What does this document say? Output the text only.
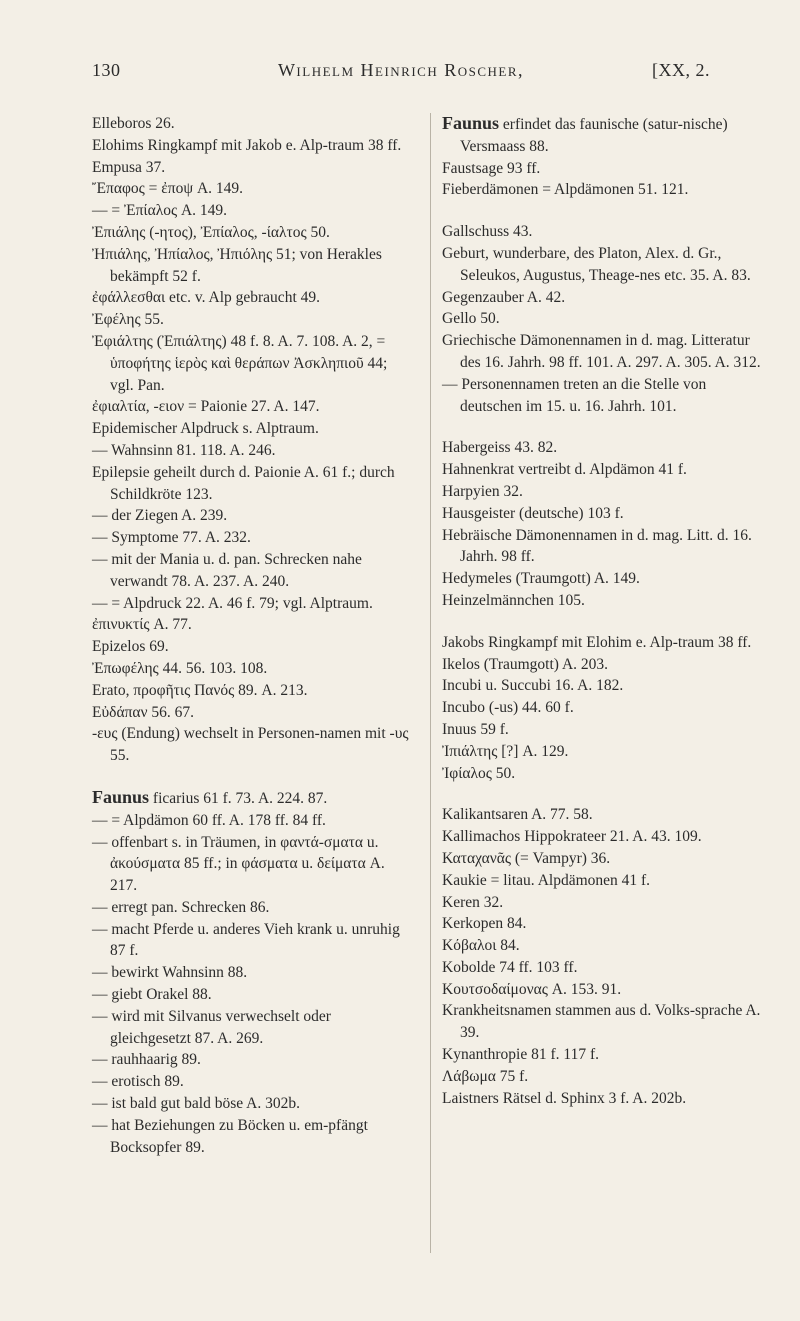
130	Wilhelm Heinrich Roscher,	[XX, 2.
Elleboros 26.
Elohims Ringkampf mit Jakob e. Alp-traum 38 ff.
Empusa 37.
Ἔπαφος = ἐποψ A. 149.
— = Ἐπίαλος A. 149.
Ἐπιάλης (-ητος), Ἐπίαλος, -ίαλτος 50.
Ἠπιάλης, Ἠπίαλος, Ἠπιόλης 51; von Herakles bekämpft 52 f.
ἐφάλλεσθαι etc. v. Alp gebraucht 49.
Ἐφέλης 55.
Ἐφιάλτης (Ἐπιάλτης) 48 f. 8. A. 7. 108. A. 2, = ὑποφήτης ἱερὸς καὶ θεράπων Ἀσκληπιοῦ 44; vgl. Pan.
ἐφιαλτία, -ειον = Paionie 27. A. 147.
Epidemischer Alpdruck s. Alptraum.
— Wahnsinn 81. 118. A. 246.
Epilepsie geheilt durch d. Paionie A. 61 f.; durch Schildkröte 123.
— der Ziegen A. 239.
— Symptome 77. A. 232.
— mit der Mania u. d. pan. Schrecken nahe verwandt 78. A. 237. A. 240.
— = Alpdruck 22. A. 46 f. 79; vgl. Alptraum.
ἐπινυκτίς A. 77.
Epizelos 69.
Ἐπωφέλης 44. 56. 103. 108.
Erato, προφῆτις Πανός 89. A. 213.
Εὐδάπαν 56. 67.
-ευς (Endung) wechselt in Personen-namen mit -υς 55.
Faunus ficarius 61 f. 73. A. 224. 87.
— = Alpdämon 60 ff. A. 178 ff. 84 ff.
— offenbart s. in Träumen, in φαντά-σματα u. ἀκούσματα 85 ff.; in φάσματα u. δείματα A. 217.
— erregt pan. Schrecken 86.
— macht Pferde u. anderes Vieh krank u. unruhig 87 f.
— bewirkt Wahnsinn 88.
— giebt Orakel 88.
— wird mit Silvanus verwechselt oder gleichgesetzt 87. A. 269.
— rauhhaarig 89.
— erotisch 89.
— ist bald gut bald böse A. 302b.
— hat Beziehungen zu Böcken u. em-pfängt Bocksopfer 89.
Faunus erfindet das faunische (satur-nische) Versmaass 88.
Faustsage 93 ff.
Fieberdämonen = Alpdämonen 51. 121.
Gallschuss 43.
Geburt, wunderbare, des Platon, Alex. d. Gr., Seleukos, Augustus, Theage-nes etc. 35. A. 83.
Gegenzauber A. 42.
Gello 50.
Griechische Dämonennamen in d. mag. Litteratur des 16. Jahrh. 98 ff. 101. A. 297. A. 305. A. 312.
— Personennamen treten an die Stelle von deutschen im 15. u. 16. Jahrh. 101.
Habergeiss 43. 82.
Hahnenkrat vertreibt d. Alpdämon 41 f.
Harpyien 32.
Hausgeister (deutsche) 103 f.
Hebräische Dämonennamen in d. mag. Litt. d. 16. Jahrh. 98 ff.
Hedymeles (Traumgott) A. 149.
Heinzelmännchen 105.
Jakobs Ringkampf mit Elohim e. Alp-traum 38 ff.
Ikelos (Traumgott) A. 203.
Incubi u. Succubi 16. A. 182.
Incubo (-us) 44. 60 f.
Inuus 59 f.
Ἰπιάλτης [?] A. 129.
Ἰφίαλος 50.
Kalikantsaren A. 77. 58.
Kallimachos Hippokrateer 21. A. 43. 109.
Καταχανᾶς (= Vampyr) 36.
Kaukie = litau. Alpdämonen 41 f.
Keren 32.
Kerkopen 84.
Κόβαλοι 84.
Kobolde 74 ff. 103 ff.
Κουτσοδαίμονας A. 153. 91.
Krankheitsnamen stammen aus d. Volks-sprache A. 39.
Kynanthropie 81 f. 117 f.
Λάβωμα 75 f.
Laistners Rätsel d. Sphinx 3 f. A. 202b.
